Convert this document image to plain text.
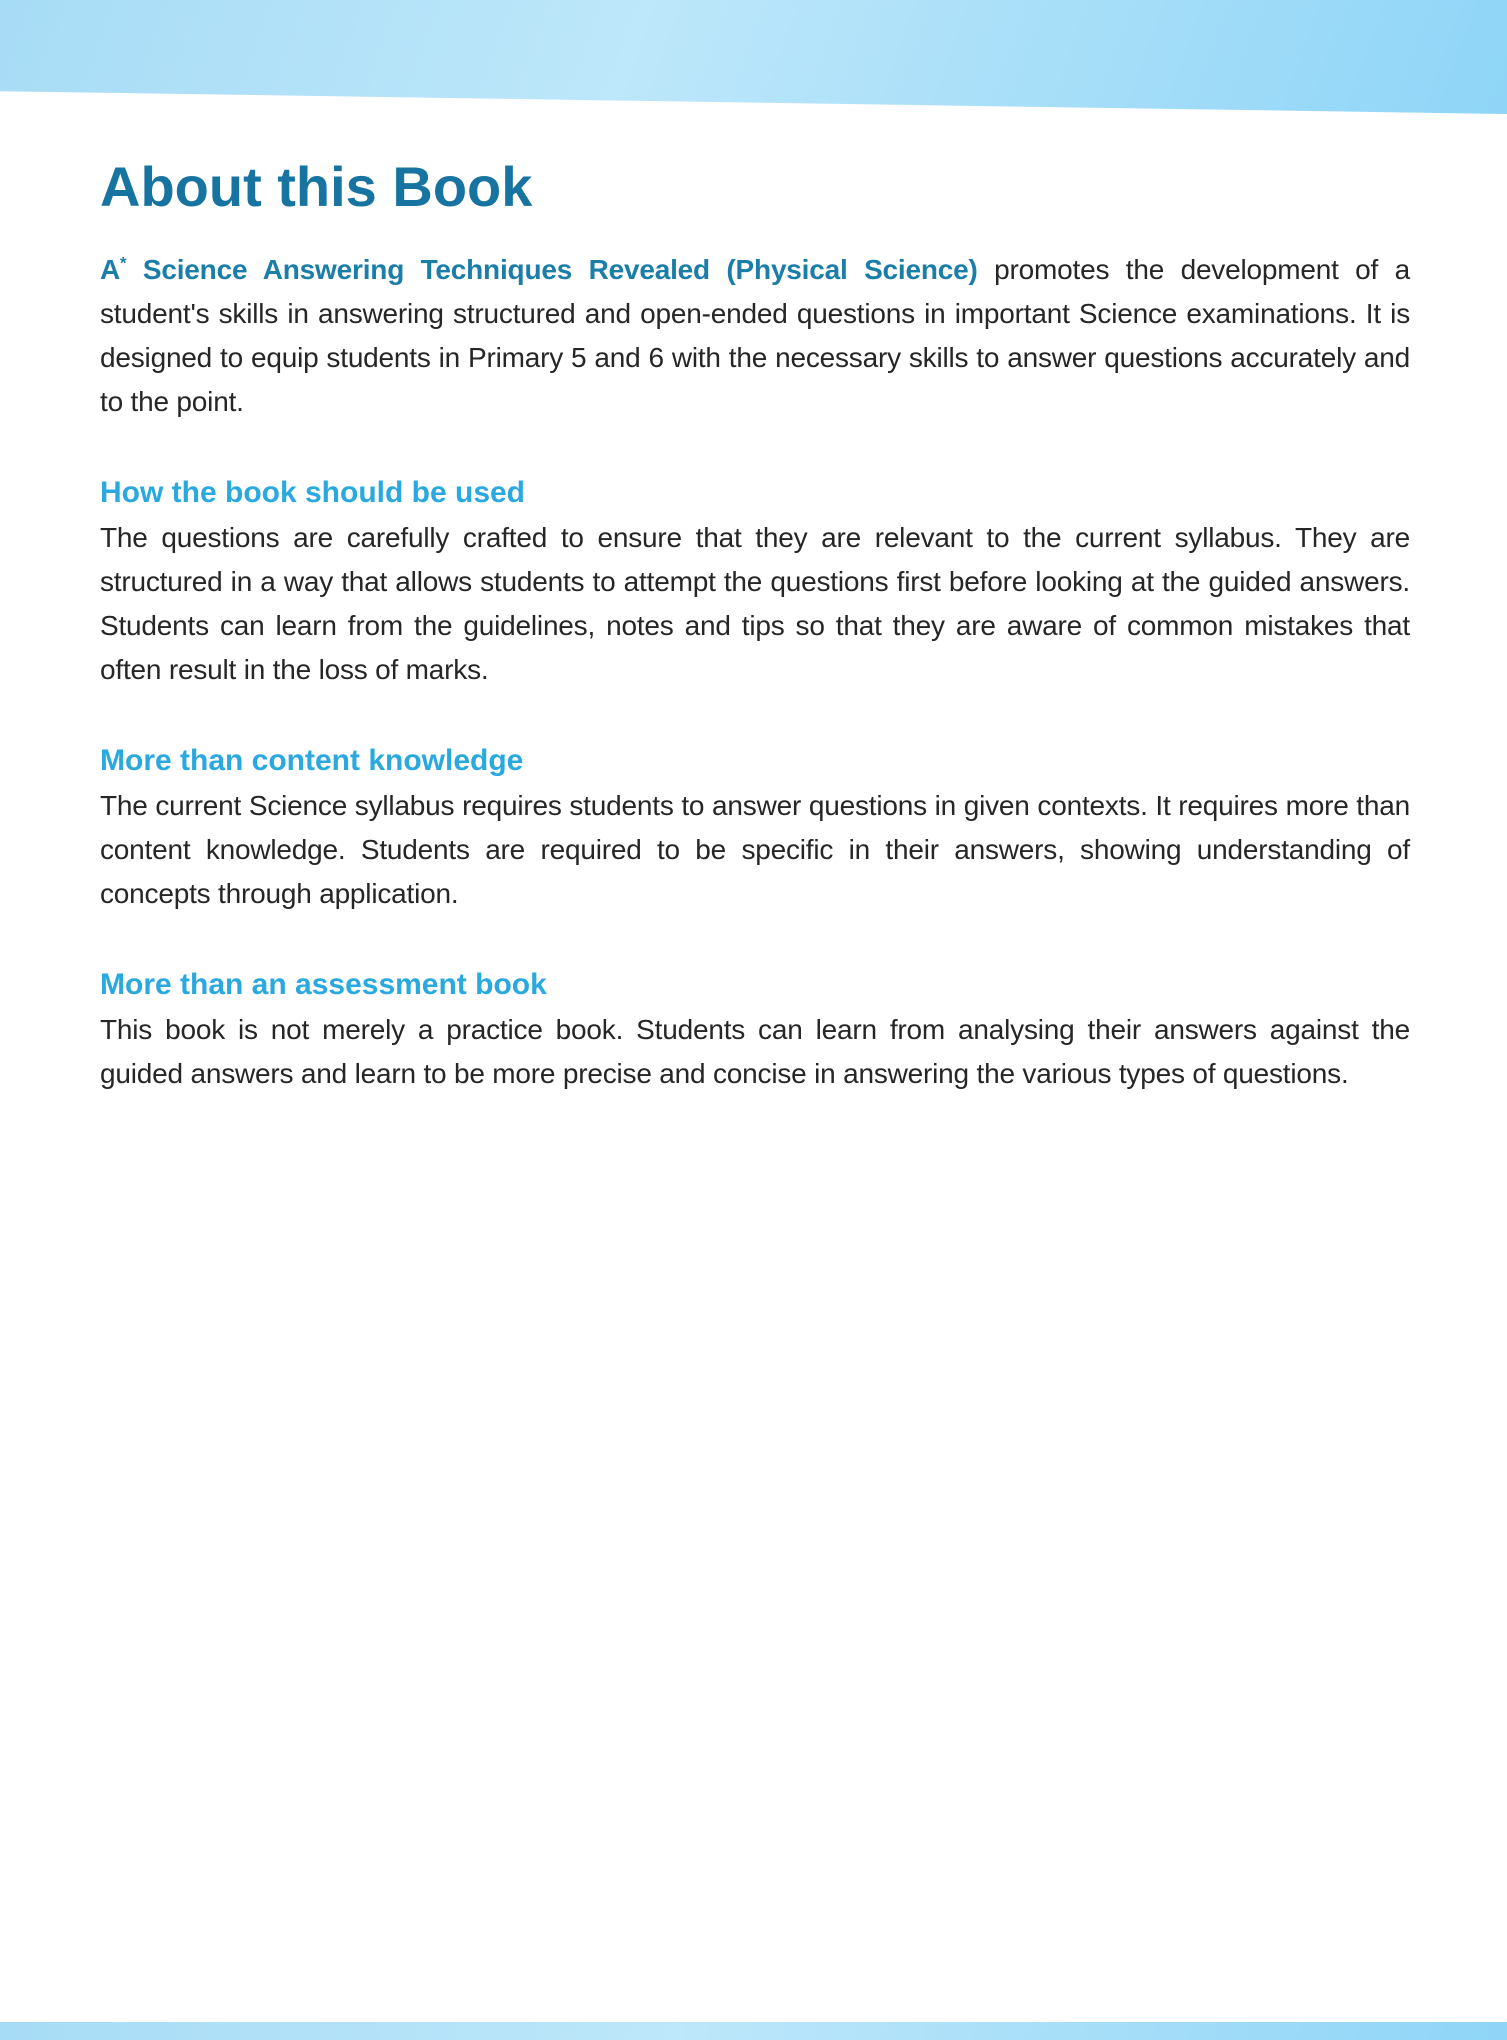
About this Book

A* Science Answering Techniques Revealed (Physical Science) promotes the development of a student's skills in answering structured and open-ended questions in important Science examinations. It is designed to equip students in Primary 5 and 6 with the necessary skills to answer questions accurately and to the point.

How the book should be used

The questions are carefully crafted to ensure that they are relevant to the current syllabus. They are structured in a way that allows students to attempt the questions first before looking at the guided answers. Students can learn from the guidelines, notes and tips so that they are aware of common mistakes that often result in the loss of marks.

More than content knowledge

The current Science syllabus requires students to answer questions in given contexts. It requires more than content knowledge. Students are required to be specific in their answers, showing understanding of concepts through application.

More than an assessment book

This book is not merely a practice book. Students can learn from analysing their answers against the guided answers and learn to be more precise and concise in answering the various types of questions.
